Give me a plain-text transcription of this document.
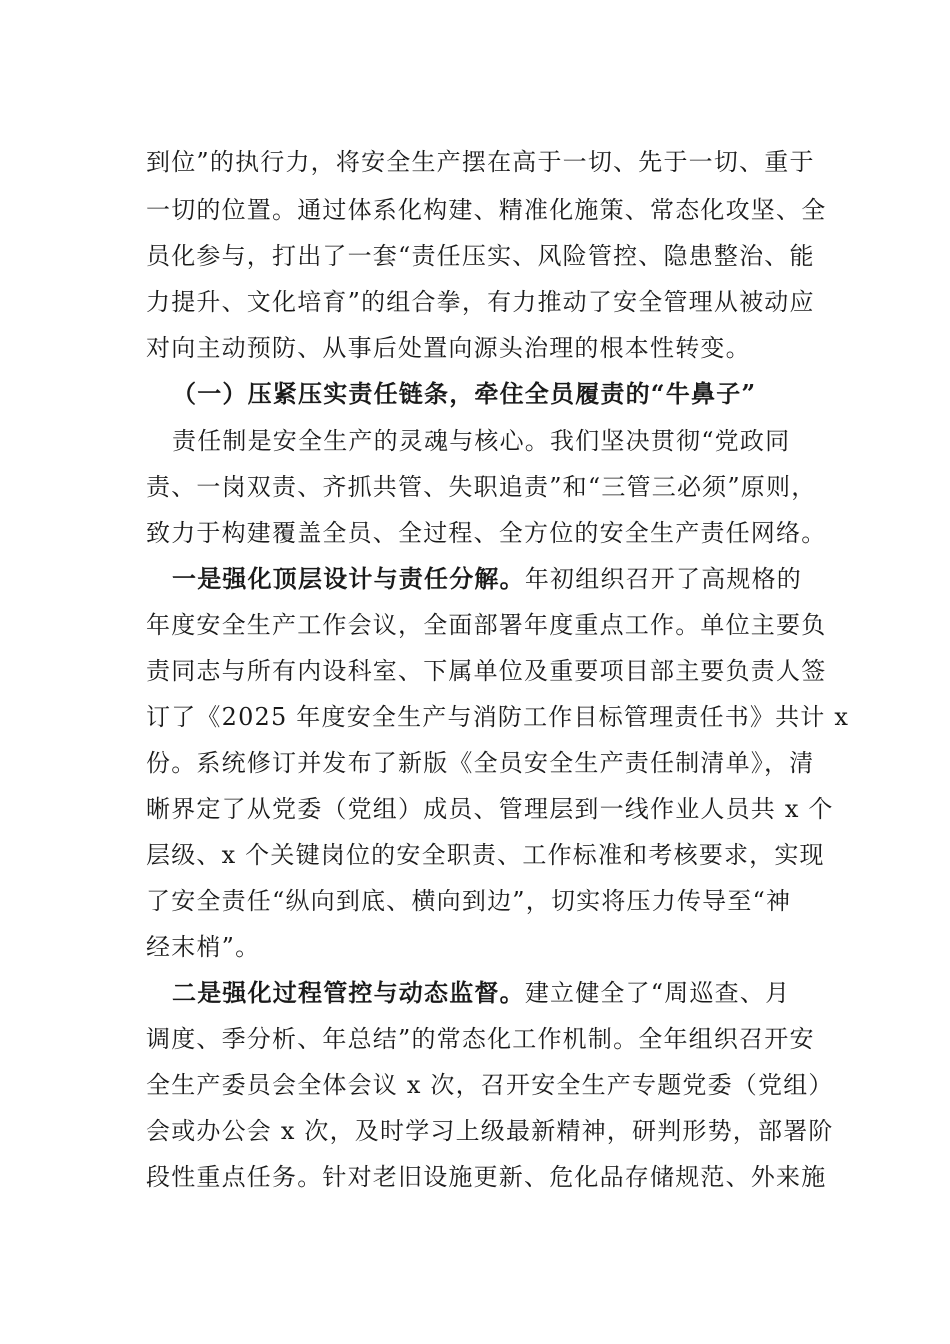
到位”的执行力，将安全生产摆在高于一切、先于一切、重于
一切的位置。通过体系化构建、精准化施策、常态化攻坚、全
员化参与，打出了一套“责任压实、风险管控、隐患整治、能
力提升、文化培育”的组合拳，有力推动了安全管理从被动应
对向主动预防、从事后处置向源头治理的根本性转变。
（一）压紧压实责任链条，牵住全员履责的“牛鼻子”
责任制是安全生产的灵魂与核心。我们坚决贯彻“党政同
责、一岗双责、齐抓共管、失职追责”和“三管三必须”原则，
致力于构建覆盖全员、全过程、全方位的安全生产责任网络。
一是强化顶层设计与责任分解。年初组织召开了高规格的
年度安全生产工作会议，全面部署年度重点工作。单位主要负
责同志与所有内设科室、下属单位及重要项目部主要负责人签
订了《2025 年度安全生产与消防工作目标管理责任书》共计 x
份。系统修订并发布了新版《全员安全生产责任制清单》，清
晰界定了从党委（党组）成员、管理层到一线作业人员共 x 个
层级、x 个关键岗位的安全职责、工作标准和考核要求，实现
了安全责任“纵向到底、横向到边”，切实将压力传导至“神
经末梢”。
二是强化过程管控与动态监督。建立健全了“周巡查、月
调度、季分析、年总结”的常态化工作机制。全年组织召开安
全生产委员会全体会议 x 次，召开安全生产专题党委（党组）
会或办公会 x 次，及时学习上级最新精神，研判形势，部署阶
段性重点任务。针对老旧设施更新、危化品存储规范、外来施
